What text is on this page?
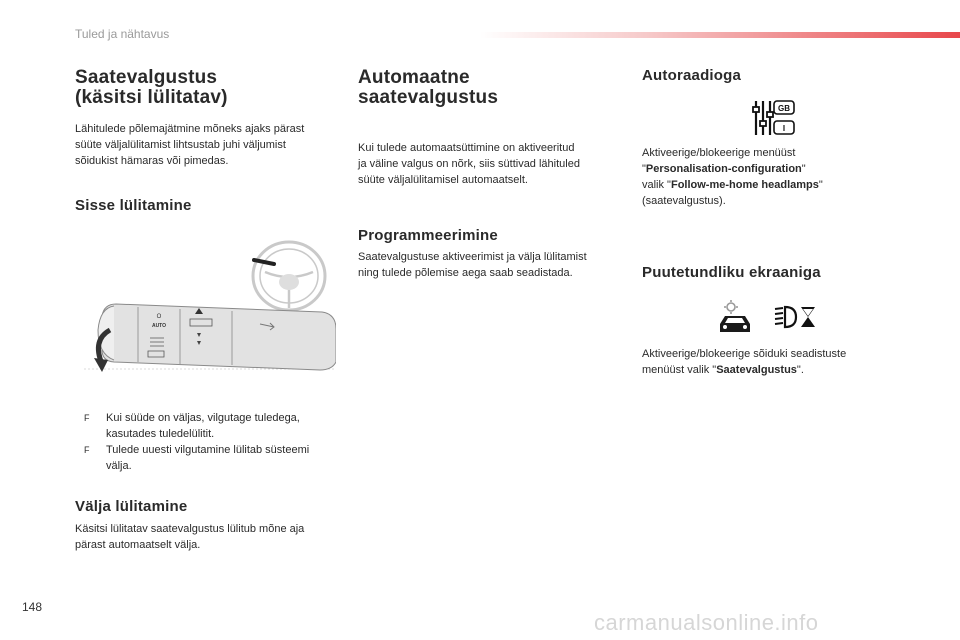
Tuled ja nähtavus
Saatevalgustus
(käsitsi lülitatav)
Lähitulede põlemajätmine mõneks ajaks pärast
süüte väljalülitamist lihtsustab juhi väljumist
sõidukist hämaras või pimedas.
Sisse lülitamine
O
AUTO
F Kui süüde on väljas, vilgutage tuledega,
kasutades tuledelülitit.
F Tulede uuesti vilgutamine lülitab süsteemi
välja.
Välja lülitamine
Käsitsi lülitatav saatevalgustus lülitub mõne aja
pärast automaatselt välja.
Automaatne
saatevalgustus
Kui tulede automaatsüttimine on aktiveeritud
ja väline valgus on nõrk, siis süttivad lähituled
süüte väljalülitamisel automaatselt.
Programmeerimine
Saatevalgustuse aktiveerimist ja välja lülitamist
ning tulede põlemise aega saab seadistada.
Autoraadioga
GB
I
Aktiveerige/blokeerige menüüst
"Personalisation-configuration"
valik "Follow-me-home headlamps"
(saatevalgustus).
Puutetundliku ekraaniga
Aktiveerige/blokeerige sõiduki seadistuste
menüüst valik "Saatevalgustus".
148
carmanualsonline.info
